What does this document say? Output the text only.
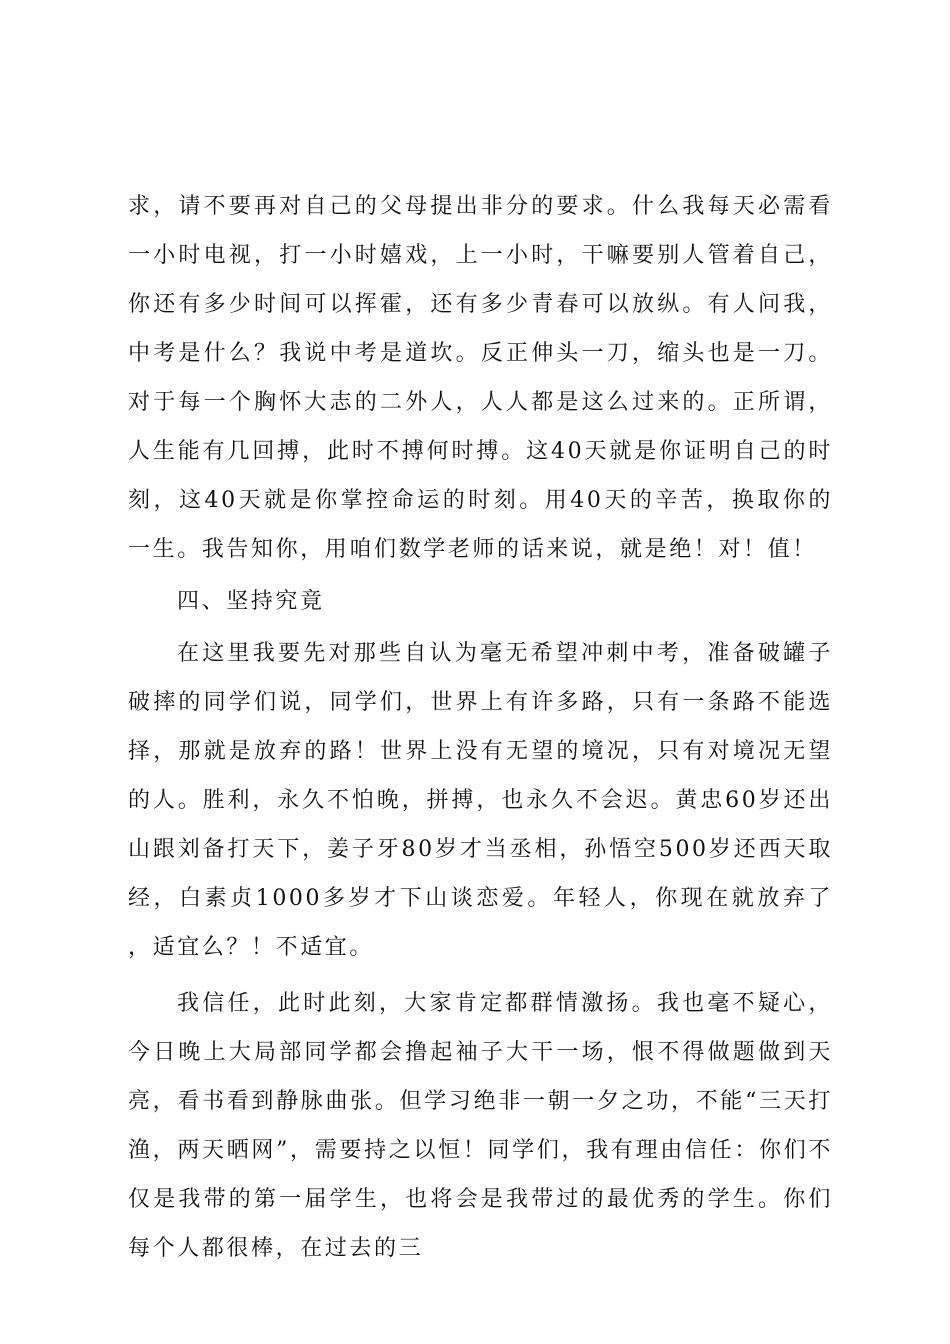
求，请不要再对自己的父母提出非分的要求。什么我每天必需看一小时电视，打一小时嬉戏，上一小时，干嘛要别人管着自己，你还有多少时间可以挥霍，还有多少青春可以放纵。有人问我，中考是什么？我说中考是道坎。反正伸头一刀，缩头也是一刀。对于每一个胸怀大志的二外人，人人都是这么过来的。正所谓，人生能有几回搏，此时不搏何时搏。这40天就是你证明自己的时刻，这40天就是你掌控命运的时刻。用40天的辛苦，换取你的一生。我告知你，用咱们数学老师的话来说，就是绝！对！值！

四、坚持究竟

在这里我要先对那些自认为毫无希望冲刺中考，准备破罐子破摔的同学们说，同学们，世界上有许多路，只有一条路不能选择，那就是放弃的路！世界上没有无望的境况，只有对境况无望的人。胜利，永久不怕晚，拼搏，也永久不会迟。黄忠60岁还出山跟刘备打天下，姜子牙80岁才当丞相，孙悟空500岁还西天取经，白素贞1000多岁才下山谈恋爱。年轻人，你现在就放弃了，适宜么？！不适宜。

我信任，此时此刻，大家肯定都群情激扬。我也毫不疑心，今日晚上大局部同学都会撸起袖子大干一场，恨不得做题做到天亮，看书看到静脉曲张。但学习绝非一朝一夕之功，不能“三天打渔，两天晒网”，需要持之以恒！同学们，我有理由信任：你们不仅是我带的第一届学生，也将会是我带过的最优秀的学生。你们每个人都很棒，在过去的三
